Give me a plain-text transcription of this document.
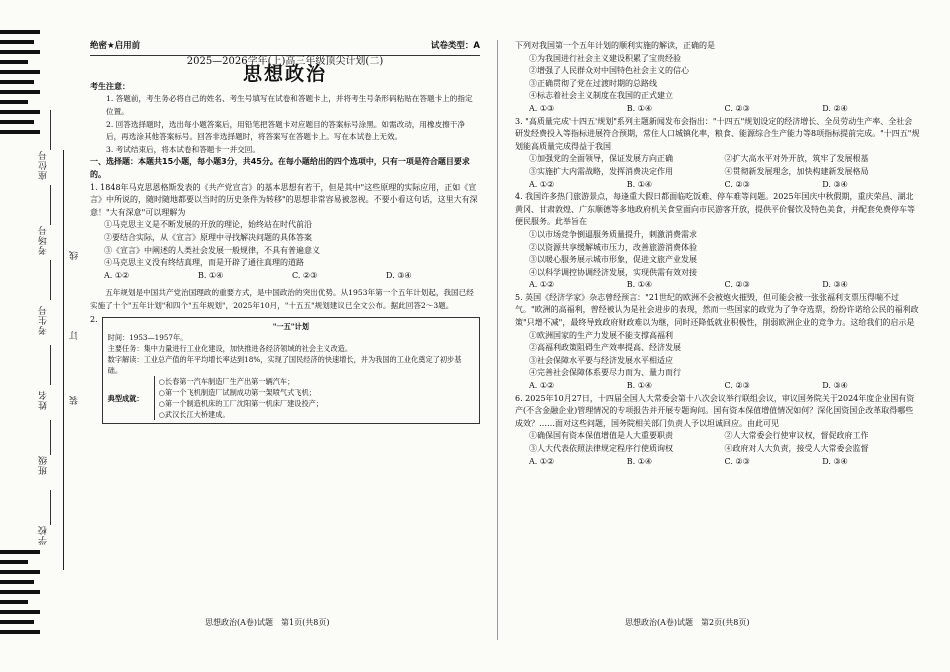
座位号
考场号
考生号
姓名
班级
学校
线
订
装
绝密★启用前	试卷类型：A

2025—2026学年(上)高三年级顶尖计划(二)

思想政治

考生注意：

1. 答题前，考生务必将自己的姓名、考生号填写在试卷和答题卡上，并将考生号条形码粘贴在答题卡上的指定位置。

2. 回答选择题时，选出每小题答案后，用铅笔把答题卡对应题目的答案标号涂黑。如需改动，用橡皮擦干净后，再选涂其他答案标号。回答非选择题时，将答案写在答题卡上。写在本试卷上无效。

3. 考试结束后，将本试卷和答题卡一并交回。

一、选择题：本题共15小题，每小题3分，共45分。在每小题给出的四个选项中，只有一项是符合题目要求的。

1. 1848年马克思恩格斯发表的《共产党宣言》的基本思想有若干，但是其中"这些原理的实际应用，正如《宣言》中所说的，随时随地都要以当时的历史条件为转移"的思想非常容易被忽视。不要小看这句话，这里大有深意！"大有深意"可以理解为

①马克思主义是不断发展的开放的理论，始终站在时代前沿

②要结合实际，从《宣言》原理中寻找解决问题的具体答案

③《宣言》中阐述的人类社会发展一般规律，不具有普遍意义

④马克思主义没有终结真理，而是开辟了通往真理的道路

A. ①②	B. ①④	C. ②③	D. ③④

五年规划是中国共产党治国理政的重要方式，是中国政治的突出优势。从1953年第一个五年计划起，我国已经实施了十个"五年计划"和四个"五年规划"，2025年10月，"十五五"规划建议已全文公布。据此回答2～3题。

2.
"一五"计划
时间：1953—1957年。
主要任务：集中力量进行工业化建设，加快推进各经济领域的社会主义改造。
数字解读：工业总产值的年平均增长率达到18%，实现了国民经济的快速增长，并为我国的工业化奠定了初步基础。
典型成就：
○长春第一汽车制造厂生产出第一辆汽车；
○第一个飞机制造厂试制成功第一架喷气式飞机；
○第一个制造机床的工厂沈阳第一机床厂建设投产；
○武汉长江大桥建成。

下列对我国第一个五年计划的顺利实施的解读，正确的是

①为我国进行社会主义建设积累了宝贵经验

②增强了人民群众对中国特色社会主义的信心

③正确贯彻了党在过渡时期的总路线

④标志着社会主义制度在我国的正式建立

A. ①③	B. ①④	C. ②③	D. ②④

3. "高质量完成'十四五'规划"系列主题新闻发布会指出："十四五"规划设定的经济增长、全员劳动生产率、全社会研发经费投入等指标进展符合预期，常住人口城镇化率，粮食、能源综合生产能力等8项指标提前完成。"十四五"规划能高质量完成得益于我国

①加强党的全面领导，保证发展方向正确	②扩大高水平对外开放，筑牢了发展根基
③实施扩大内需战略，发挥消费决定作用	④贯彻新发展理念，加快构建新发展格局
A. ①②	B. ①④	C. ②③	D. ③④

4. 我国许多热门旅游景点，每逢重大假日都面临吃饭难、停车难等问题。2025年国庆中秋假期，重庆荣昌、湖北黄冈、甘肃敦煌、广东顺德等多地政府机关食堂面向市民游客开放，提供平价餐饮及特色美食，并配套免费停车等便民服务。此举旨在

①以市场竞争倒逼服务质量提升，刺激消费需求

②以资源共享缓解城市压力，改善旅游消费体验

③以暖心服务展示城市形象，促进文旅产业发展

④以科学调控协调经济发展，实现供需有效对接

A. ①②	B. ①④	C. ②③	D. ③④

5. 英国《经济学家》杂志曾经预言："21世纪的欧洲不会被炮火摧毁，但可能会被一张张福利支票压得喘不过气。"欧洲的高福利，曾经被认为是社会进步的表现，然而一些国家的政党为了争夺选票，纷纷许诺给公民的福利政策"只增不减"，最终导致政府财政难以为继，同时还降低就业积极性，削弱欧洲企业的竞争力。这给我们的启示是

①欧洲国家的生产力发展不能支撑高福利

②高福利政策阻碍生产效率提高、经济发展

③社会保障水平要与经济发展水平相适应

④完善社会保障体系要尽力而为、量力而行

A. ①②	B. ①④	C. ②③	D. ③④

6. 2025年10月27日，十四届全国人大常委会第十八次会议举行联组会议，审议国务院关于2024年度企业国有资产(不含金融企业)管理情况的专项报告并开展专题询问。国有资本保值增值情况如何？深化国资国企改革取得哪些成效？……面对这些问题，国务院相关部门负责人予以坦诚回应。由此可见

①确保国有资本保值增值是人大重要职责	②人大常委会行使审议权，督促政府工作
③人大代表依照法律规定程序行使质询权	④政府对人大负责，接受人大常委会监督
A. ①②	B. ①④	C. ②③	D. ③④
思想政治(A卷)试题　第1页(共8页)	思想政治(A卷)试题　第2页(共8页)
